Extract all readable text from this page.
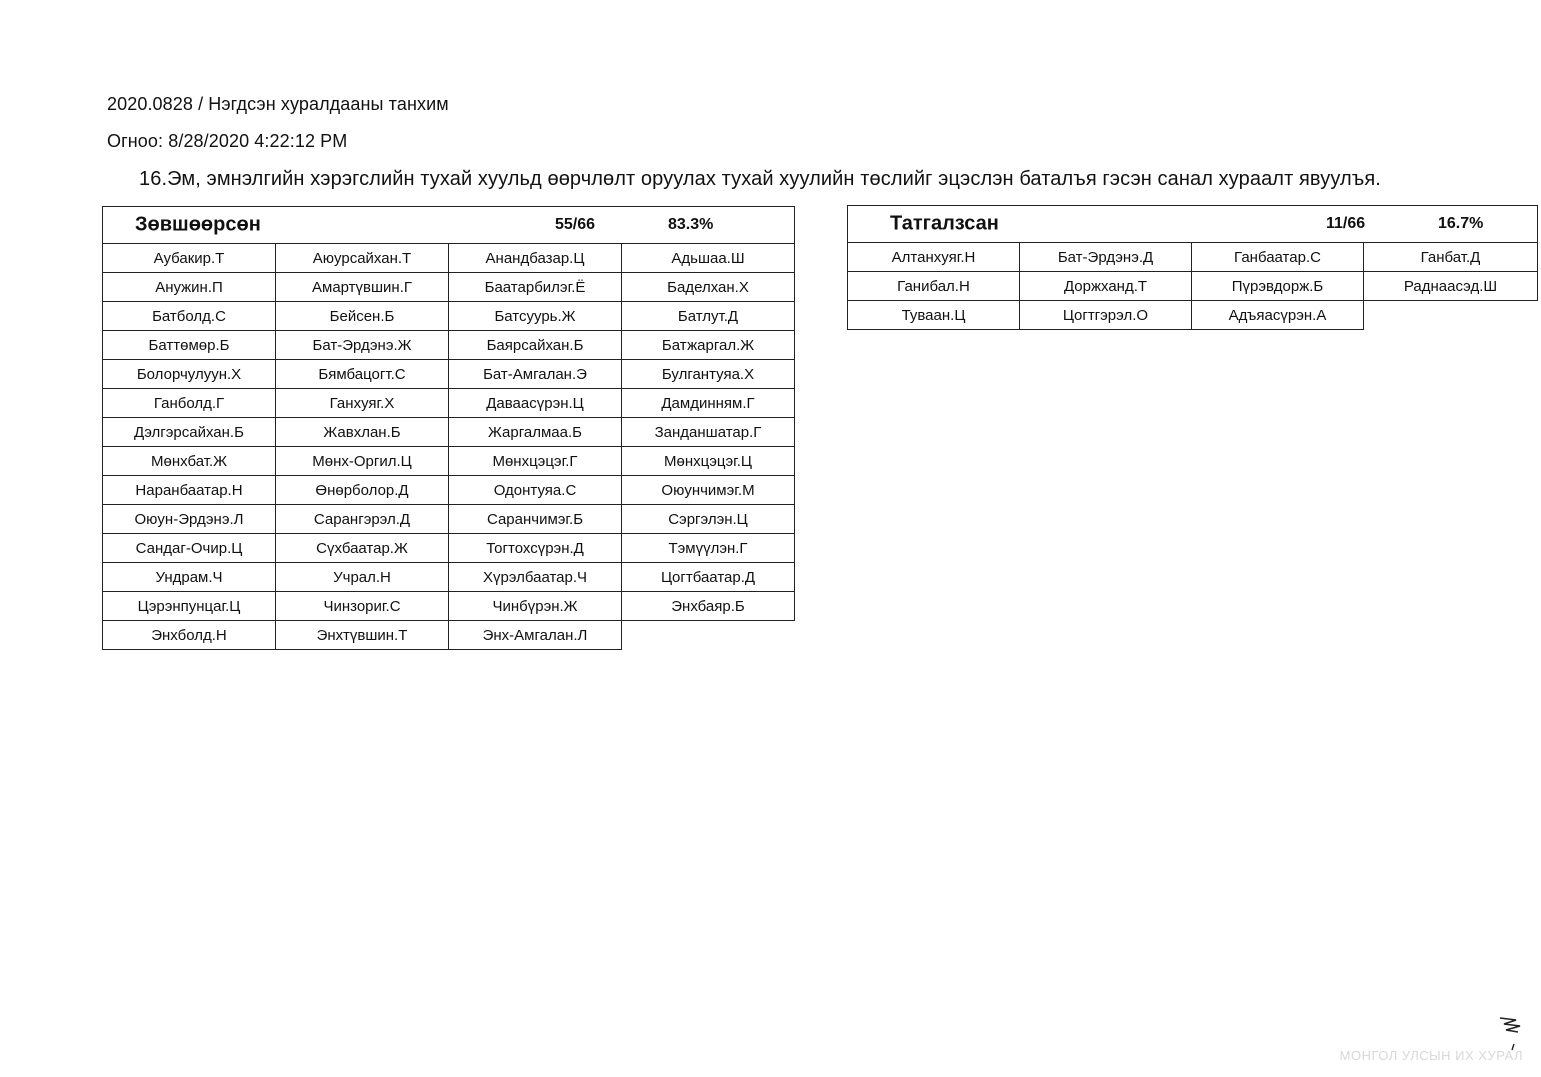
2020.0828 / Нэгдсэн хуралдааны танхим
Огноо: 8/28/2020 4:22:12 PM
16.Эм, эмнэлгийн хэрэгслийн тухай хуульд өөрчлөлт оруулах тухай хуулийн төслийг эцэслэн баталъя гэсэн санал хураалт явуулъя.
Зөвшөөрсөн 55/66 83.3%			

Аубакир.Т	Аюурсайхан.Т	Анандбазар.Ц	Адьшаа.Ш
Анужин.П	Амартүвшин.Г	Баатарбилэг.Ё	Баделхан.Х
Батболд.С	Бейсен.Б	Батсуурь.Ж	Батлут.Д
Баттөмөр.Б	Бат-Эрдэнэ.Ж	Баярсайхан.Б	Батжаргал.Ж
Болорчулуун.Х	Бямбацогт.С	Бат-Амгалан.Э	Булгантуяа.Х
Ганболд.Г	Ганхуяг.Х	Даваасүрэн.Ц	Дамдинням.Г
Дэлгэрсайхан.Б	Жавхлан.Б	Жаргалмаа.Б	Занданшатар.Г
Мөнхбат.Ж	Мөнх-Оргил.Ц	Мөнхцэцэг.Г	Мөнхцэцэг.Ц
Наранбаатар.Н	Өнөрболор.Д	Одонтуяа.С	Оюунчимэг.М
Оюун-Эрдэнэ.Л	Сарангэрэл.Д	Саранчимэг.Б	Сэргэлэн.Ц
Сандаг-Очир.Ц	Сүхбаатар.Ж	Тогтохсүрэн.Д	Тэмүүлэн.Г
Ундрам.Ч	Учрал.Н	Хүрэлбаатар.Ч	Цогтбаатар.Д
Цэрэнпунцаг.Ц	Чинзориг.С	Чинбүрэн.Ж	Энхбаяр.Б
Энхболд.Н	Энхтүвшин.Т	Энх-Амгалан.Л	
Татгалзсан 11/66 16.7%			

Алтанхуяг.Н	Бат-Эрдэнэ.Д	Ганбаатар.С	Ганбат.Д
Ганибал.Н	Доржханд.Т	Пүрэвдорж.Б	Раднаасэд.Ш
Туваан.Ц	Цогтгэрэл.О	Адъяасүрэн.А	
МОНГОЛ УЛСЫН ИХ ХУРАЛ
